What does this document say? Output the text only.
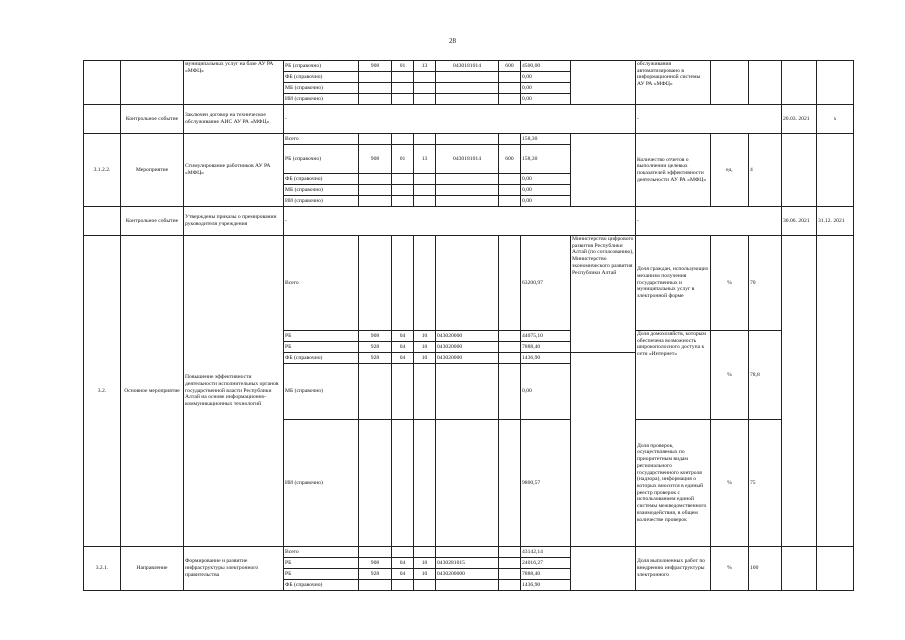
28
		муниципальных услуг на базе АУ РА «МФЦ»	РБ (справочно)	908	01	13	0430181014	600	4500,00		обслуживания автоматизировано в информационной системы АУ РА «МФЦ»				
			ФБ (справочно)						0,00						
			МБ (справочно)						0,00						
			ИИ (справочно)						0,00						
	Контрольное событие	Заключен договор на техническое обслуживание АИС АУ РА «МФЦ»	-								-			20.03. 2021	х
3.1.2.2.	Мероприятие	Стимулирование работников АУ РА «МФЦ»	Всего						158,30		Количество отчетов о выполнении целевых показателей эффективности деятельности АУ РА «МФЦ»	ед.	4		
			РБ (справочно)	908	01	13	0430181014	600	158,30						
			ФБ (справочно)						0,00						
			МБ (справочно)						0,00						
			ИИ (справочно)						0,00						
	Контрольное событие	Утверждены приказы о премировании руководителя учреждения	-								-			30.06. 2021	31.12. 2021
3.2.	Основное мероприятие	Повышение эффективности деятельности исполнительных органов государственной власти Республики Алтай на основе информационно-коммуникационных технологий	Всего						63200,97	Министерство цифрового развития Республики Алтай (по согласованию), Министерство экономического развития Республики Алтай	Доля граждан, использующих механизм получения государственных и муниципальных услуг в электронной форме	%	70		
			РБ	908	04	10	043020000		44075,10		Доля домохозяйств, которым обеспечена возможность широкополосного доступа к сети «Интернет»	%	78,8		
			РБ	928	04	10	043020000		7888,40						
			ФБ (справочно)	928	04	10	043020000		1436,90						
			МБ (справочно)						0,00						
			ИИ (справочно)						9800,57		Доля проверок, осуществляемых по приоритетным видам регионального государственного контроля (надзора), информация о которых вносится в единый реестр проверок с использованием единой системы межведомственного взаимодействия, в общем количестве проверок	%	75		
3.2.1.	Направление	Формирование и развитие инфраструктуры электронного правительства	Всего						43142,14		Доля выполненных работ по внедрению инфраструктуры электронного	%	100		
			РБ	908	04	10	0430281015		24016,27						
			РБ	928	04	10	0430200000		7888,40						
			ФБ (справочно)						1436,90						
